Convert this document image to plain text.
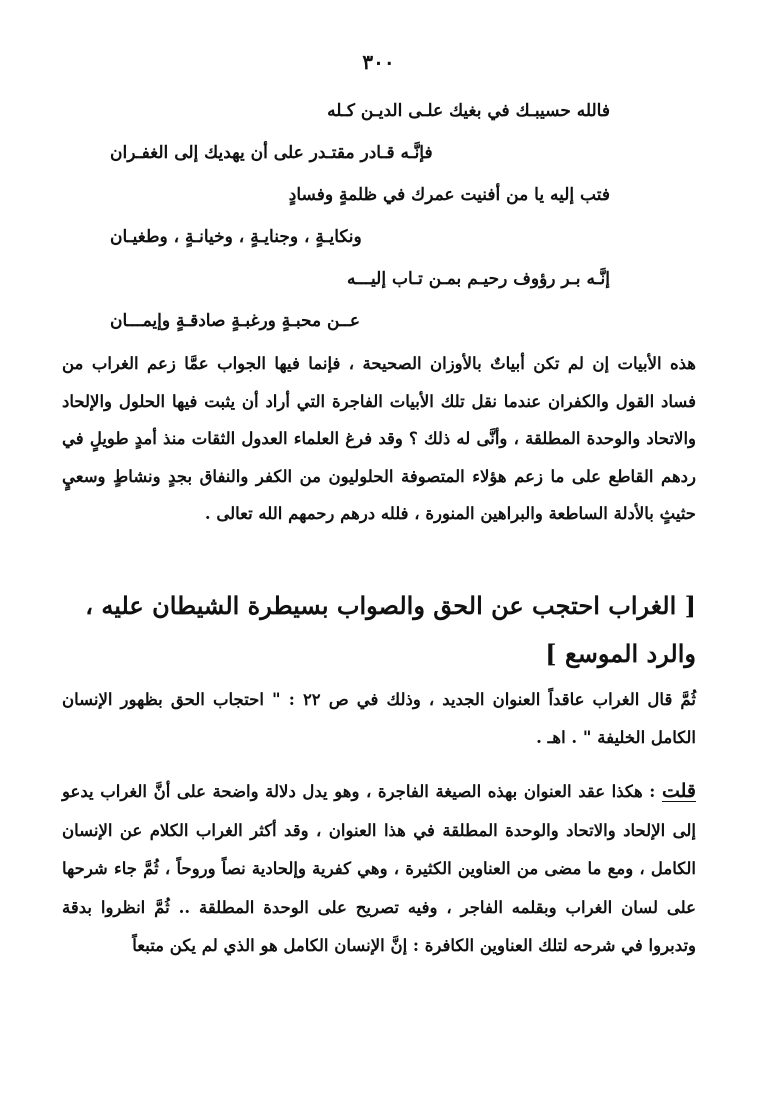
٣٠٠
فالله حسيبـك في بغيك علـى الديـن كـله
فإنَّـه قـادر مقتـدر على أن يهديك إلى الغفـران
فتب إليه يا من أفنيت عمرك في ظلمةٍ وفسادٍ
ونكايـةٍ ، وجنايـةٍ ، وخيانـةٍ ، وطغيـان
إنَّـه بـر رؤوف رحيـم بمـن تـاب إليـــه
عــن محبـةٍ ورغبـةٍ صادقـةٍ وإيمـــان

هذه الأبيات إن لم تكن أبياتٌ بالأوزان الصحيحة ، فإنما فيها الجواب عمَّا زعم الغراب من فساد القول والكفران عندما نقل تلك الأبيات الفاجرة التي أراد أن يثبت فيها الحلول والإلحاد والاتحاد والوحدة المطلقة ، وأنَّى له ذلك ؟ وقد فرغ العلماء العدول الثقات منذ أمدٍ طويلٍ في ردهم القاطع على ما زعم هؤلاء المتصوفة الحلوليون من الكفر والنفاق بجدٍ ونشاطٍ وسعيٍ حثيثٍ بالأدلة الساطعة والبراهين المنورة ، فلله درهم رحمهم الله تعالى .

[ الغراب احتجب عن الحق والصواب بسيطرة الشيطان عليه ، والرد الموسع ]

ثُمَّ قال الغراب عاقداً العنوان الجديد ، وذلك في ص ٢٢ : " احتجاب الحق بظهور الإنسان الكامل الخليفة " . اهـ .

قلت : هكذا عقد العنوان بهذه الصيغة الفاجرة ، وهو يدل دلالة واضحة على أنَّ الغراب يدعو إلى الإلحاد والاتحاد والوحدة المطلقة في هذا العنوان ، وقد أكثر الغراب الكلام عن الإنسان الكامل ، ومع ما مضى من العناوين الكثيرة ، وهي كفرية وإلحادية نصاً وروحاً ، ثُمَّ جاء شرحها على لسان الغراب وبقلمه الفاجر ، وفيه تصريح على الوحدة المطلقة .. ثُمَّ انظروا بدقة وتدبروا في شرحه لتلك العناوين الكافرة : إنَّ الإنسان الكامل هو الذي لم يكن متبعاً
